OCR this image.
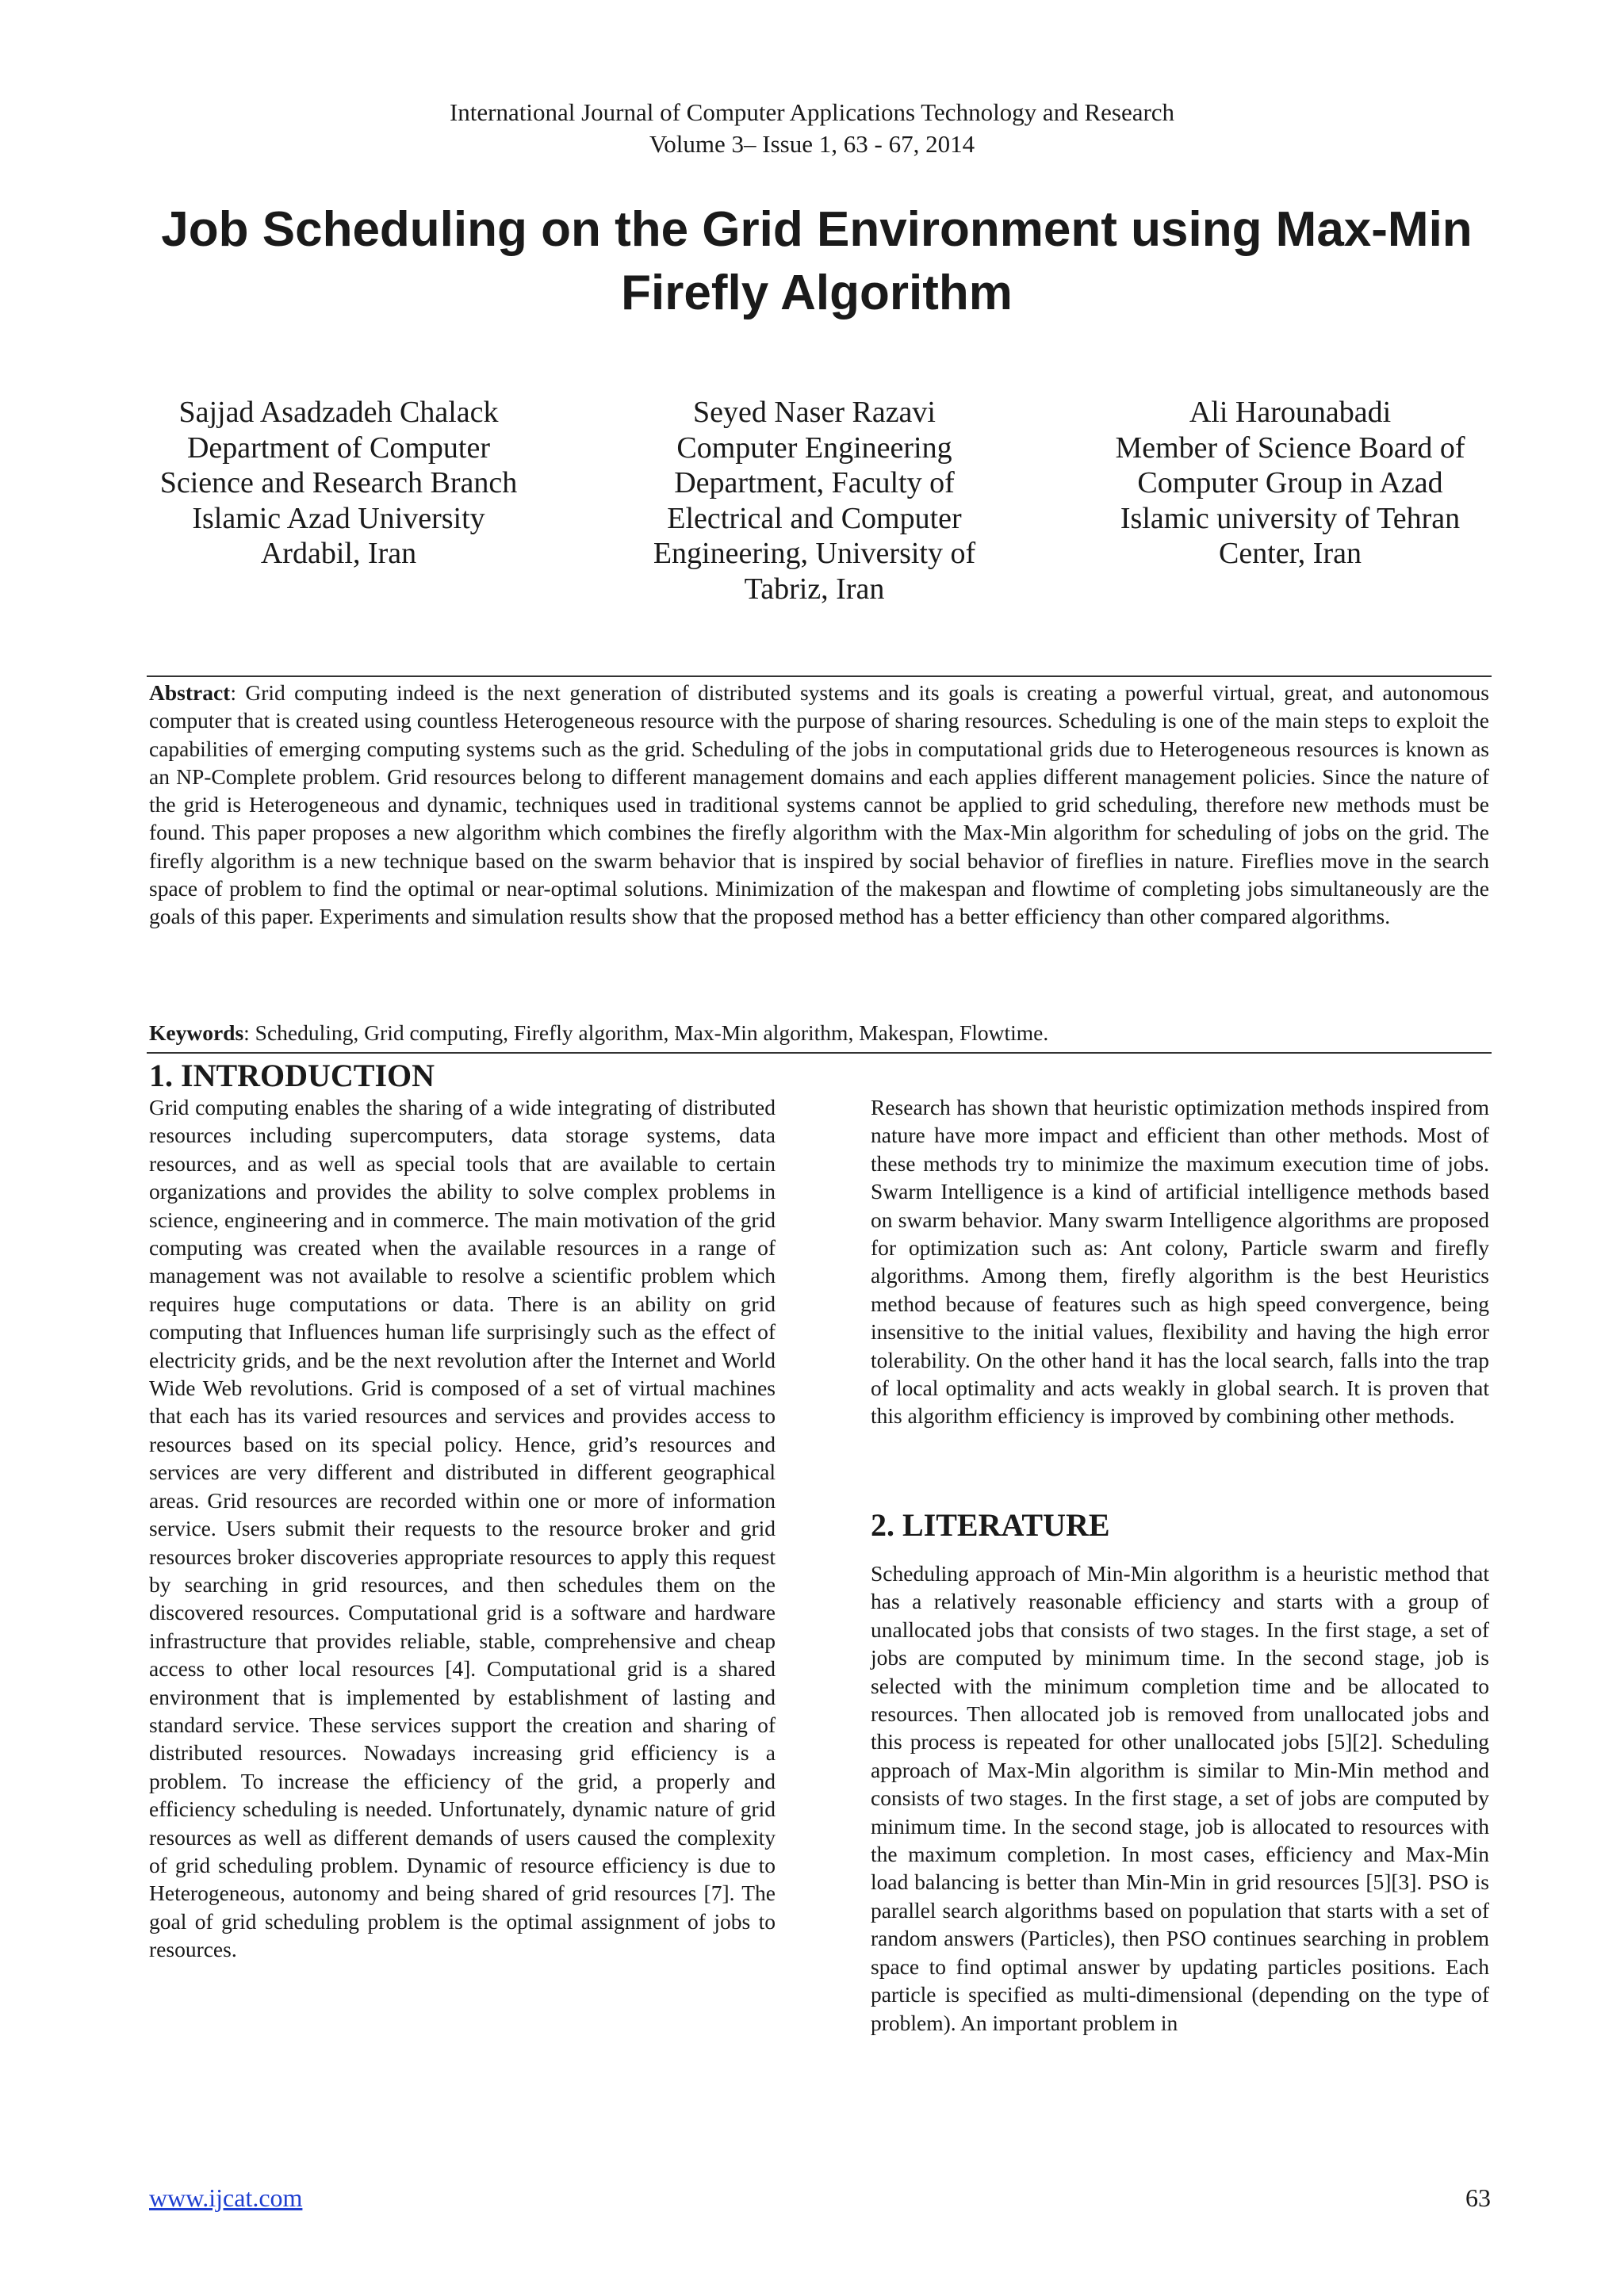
International Journal of Computer Applications Technology and Research
Volume 3– Issue 1, 63 - 67, 2014
Job Scheduling on the Grid Environment using Max-Min
Firefly Algorithm
Sajjad Asadzadeh Chalack
Department of Computer
Science and Research Branch
Islamic Azad University
Ardabil, Iran
Seyed Naser Razavi
Computer Engineering
Department, Faculty of
Electrical and Computer
Engineering, University of
Tabriz, Iran
Ali Harounabadi
Member of Science Board of
Computer Group in Azad
Islamic university of Tehran
Center, Iran
Abstract: Grid computing indeed is the next generation of distributed systems and its goals is creating a powerful virtual, great, and autonomous computer that is created using countless Heterogeneous resource with the purpose of sharing resources. Scheduling is one of the main steps to exploit the capabilities of emerging computing systems such as the grid. Scheduling of the jobs in computational grids due to Heterogeneous resources is known as an NP-Complete problem. Grid resources belong to different management domains and each applies different management policies. Since the nature of the grid is Heterogeneous and dynamic, techniques used in traditional systems cannot be applied to grid scheduling, therefore new methods must be found. This paper proposes a new algorithm which combines the firefly algorithm with the Max-Min algorithm for scheduling of jobs on the grid. The firefly algorithm is a new technique based on the swarm behavior that is inspired by social behavior of fireflies in nature. Fireflies move in the search space of problem to find the optimal or near-optimal solutions. Minimization of the makespan and flowtime of completing jobs simultaneously are the goals of this paper. Experiments and simulation results show that the proposed method has a better efficiency than other compared algorithms.
Keywords: Scheduling, Grid computing, Firefly algorithm, Max-Min algorithm, Makespan, Flowtime.
1. INTRODUCTION
Grid computing enables the sharing of a wide integrating of distributed resources including supercomputers, data storage systems, data resources, and as well as special tools that are available to certain organizations and provides the ability to solve complex problems in science, engineering and in commerce. The main motivation of the grid computing was created when the available resources in a range of management was not available to resolve a scientific problem which requires huge computations or data. There is an ability on grid computing that Influences human life surprisingly such as the effect of electricity grids, and be the next revolution after the Internet and World Wide Web revolutions. Grid is composed of a set of virtual machines that each has its varied resources and services and provides access to resources based on its special policy. Hence, grid’s resources and services are very different and distributed in different geographical areas. Grid resources are recorded within one or more of information service. Users submit their requests to the resource broker and grid resources broker discoveries appropriate resources to apply this request by searching in grid resources, and then schedules them on the discovered resources. Computational grid is a software and hardware infrastructure that provides reliable, stable, comprehensive and cheap access to other local resources [4]. Computational grid is a shared environment that is implemented by establishment of lasting and standard service. These services support the creation and sharing of distributed resources. Nowadays increasing grid efficiency is a problem. To increase the efficiency of the grid, a properly and efficiency scheduling is needed. Unfortunately, dynamic nature of grid resources as well as different demands of users caused the complexity of grid scheduling problem. Dynamic of resource efficiency is due to Heterogeneous, autonomy and being shared of grid resources [7]. The goal of grid scheduling problem is the optimal assignment of jobs to resources.
Research has shown that heuristic optimization methods inspired from nature have more impact and efficient than other methods. Most of these methods try to minimize the maximum execution time of jobs. Swarm Intelligence is a kind of artificial intelligence methods based on swarm behavior. Many swarm Intelligence algorithms are proposed for optimization such as: Ant colony, Particle swarm and firefly algorithms. Among them, firefly algorithm is the best Heuristics method because of features such as high speed convergence, being insensitive to the initial values, flexibility and having the high error tolerability. On the other hand it has the local search, falls into the trap of local optimality and acts weakly in global search. It is proven that this algorithm efficiency is improved by combining other methods.
2. LITERATURE
Scheduling approach of Min-Min algorithm is a heuristic method that has a relatively reasonable efficiency and starts with a group of unallocated jobs that consists of two stages. In the first stage, a set of jobs are computed by minimum time. In the second stage, job is selected with the minimum completion time and be allocated to resources. Then allocated job is removed from unallocated jobs and this process is repeated for other unallocated jobs [5][2]. Scheduling approach of Max-Min algorithm is similar to Min-Min method and consists of two stages. In the first stage, a set of jobs are computed by minimum time. In the second stage, job is allocated to resources with the maximum completion. In most cases, efficiency and Max-Min load balancing is better than Min-Min in grid resources [5][3]. PSO is parallel search algorithms based on population that starts with a set of random answers (Particles), then PSO continues searching in problem space to find optimal answer by updating particles positions. Each particle is specified as multi-dimensional (depending on the type of problem). An important problem in
www.ijcat.com	63
